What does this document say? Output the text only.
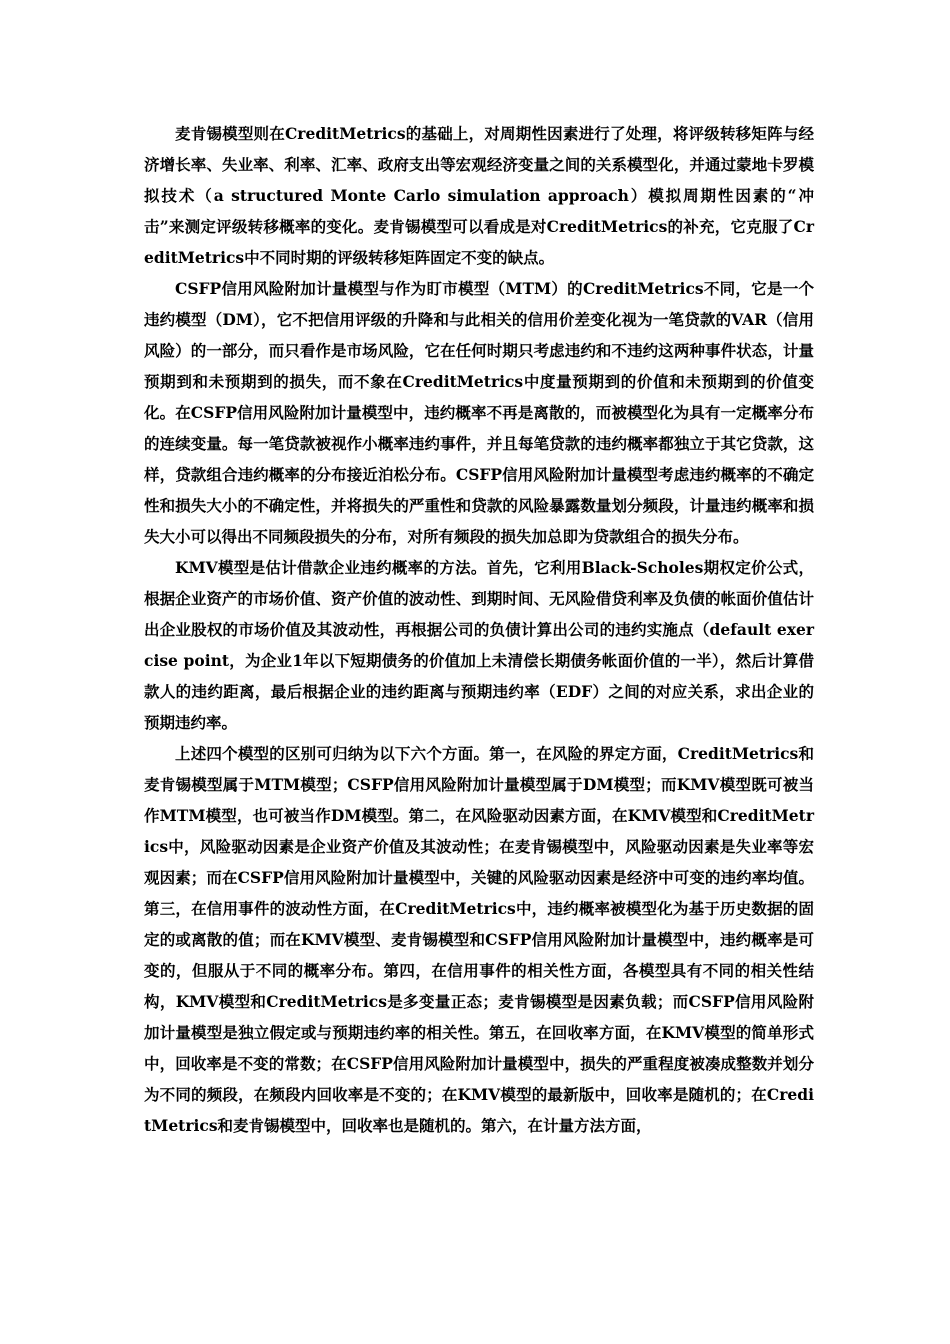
麦肯锡模型则在CreditMetrics的基础上，对周期性因素进行了处理，将评级转移矩阵与经济增长率、失业率、利率、汇率、政府支出等宏观经济变量之间的关系模型化，并通过蒙地卡罗模拟技术（a structured Monte Carlo simulation approach）模拟周期性因素的“冲击”来测定评级转移概率的变化。麦肯锡模型可以看成是对CreditMetrics的补充，它克服了CreditMetrics中不同时期的评级转移矩阵固定不变的缺点。

CSFP信用风险附加计量模型与作为盯市模型（MTM）的CreditMetrics不同，它是一个违约模型（DM），它不把信用评级的升降和与此相关的信用价差变化视为一笔贷款的VAR（信用风险）的一部分，而只看作是市场风险，它在任何时期只考虑违约和不违约这两种事件状态，计量预期到和未预期到的损失，而不象在CreditMetrics中度量预期到的价值和未预期到的价值变化。在CSFP信用风险附加计量模型中，违约概率不再是离散的，而被模型化为具有一定概率分布的连续变量。每一笔贷款被视作小概率违约事件，并且每笔贷款的违约概率都独立于其它贷款，这样，贷款组合违约概率的分布接近泊松分布。CSFP信用风险附加计量模型考虑违约概率的不确定性和损失大小的不确定性，并将损失的严重性和贷款的风险暴露数量划分频段，计量违约概率和损失大小可以得出不同频段损失的分布，对所有频段的损失加总即为贷款组合的损失分布。

KMV模型是估计借款企业违约概率的方法。首先，它利用Black-Scholes期权定价公式，根据企业资产的市场价值、资产价值的波动性、到期时间、无风险借贷利率及负债的帐面价值估计出企业股权的市场价值及其波动性，再根据公司的负债计算出公司的违约实施点（default exercise point，为企业1年以下短期债务的价值加上未清偿长期债务帐面价值的一半），然后计算借款人的违约距离，最后根据企业的违约距离与预期违约率（EDF）之间的对应关系，求出企业的预期违约率。

上述四个模型的区别可归纳为以下六个方面。第一，在风险的界定方面，CreditMetrics和麦肯锡模型属于MTM模型；CSFP信用风险附加计量模型属于DM模型；而KMV模型既可被当作MTM模型，也可被当作DM模型。第二，在风险驱动因素方面，在KMV模型和CreditMetrics中，风险驱动因素是企业资产价值及其波动性；在麦肯锡模型中，风险驱动因素是失业率等宏观因素；而在CSFP信用风险附加计量模型中，关键的风险驱动因素是经济中可变的违约率均值。第三，在信用事件的波动性方面，在CreditMetrics中，违约概率被模型化为基于历史数据的固定的或离散的值；而在KMV模型、麦肯锡模型和CSFP信用风险附加计量模型中，违约概率是可变的，但服从于不同的概率分布。第四，在信用事件的相关性方面，各模型具有不同的相关性结构，KMV模型和CreditMetrics是多变量正态；麦肯锡模型是因素负载；而CSFP信用风险附加计量模型是独立假定或与预期违约率的相关性。第五，在回收率方面，在KMV模型的简单形式中，回收率是不变的常数；在CSFP信用风险附加计量模型中，损失的严重程度被凑成整数并划分为不同的频段，在频段内回收率是不变的；在KMV模型的最新版中，回收率是随机的；在CreditMetrics和麦肯锡模型中，回收率也是随机的。第六，在计量方法方面，
